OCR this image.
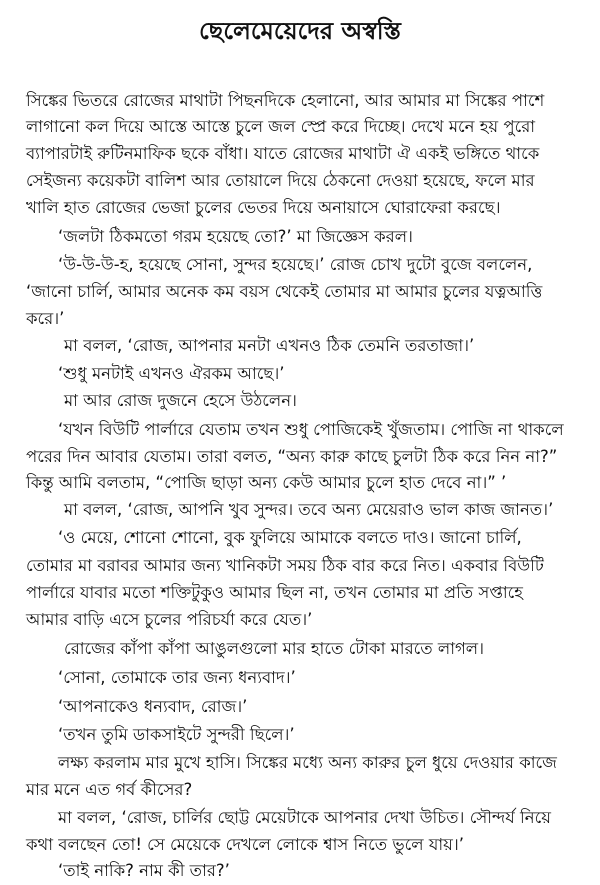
ছেলেমেয়েদের অস্বস্তি
সিঙ্কের ভিতরে রোজের মাথাটা পিছনদিকে হেলানো, আর আমার মা সিঙ্কের পাশে
লাগানো কল দিয়ে আস্তে আস্তে চুলে জল স্প্রে করে দিচ্ছে। দেখে মনে হয় পুরো
ব্যাপারটাই রুটিনমাফিক ছকে বাঁধা। যাতে রোজের মাথাটা ঐ একই ভঙ্গিতে থাকে
সেইজন্য কয়েকটা বালিশ আর তোয়ালে দিয়ে ঠেকনো দেওয়া হয়েছে, ফলে মার
খালি হাত রোজের ভেজা চুলের ভেতর দিয়ে অনায়াসে ঘোরাফেরা করছে।
‘জলটা ঠিকমতো গরম হয়েছে তো?’ মা জিজ্ঞেস করল।
‘উ-উ-উ-হ, হয়েছে সোনা, সুন্দর হয়েছে।’ রোজ চোখ দুটো বুজে বললেন,
‘জানো চার্লি, আমার অনেক কম বয়স থেকেই তোমার মা আমার চুলের যত্নআত্তি
করে।’
মা বলল, ‘রোজ, আপনার মনটা এখনও ঠিক তেমনি তরতাজা।’
‘শুধু মনটাই এখনও ঐরকম আছে।’
মা আর রোজ দুজনে হেসে উঠলেন।
‘যখন বিউটি পার্লারে যেতাম তখন শুধু পোজিকেই খুঁজতাম। পোজি না থাকলে
পরের দিন আবার যেতাম। তারা বলত, “অন্য কারু কাছে চুলটা ঠিক করে নিন না?”
কিন্তু আমি বলতাম, “পোজি ছাড়া অন্য কেউ আমার চুলে হাত দেবে না।” ’
মা বলল, ‘রোজ, আপনি খুব সুন্দর। তবে অন্য মেয়েরাও ভাল কাজ জানত।’
‘ও মেয়ে, শোনো শোনো, বুক ফুলিয়ে আমাকে বলতে দাও। জানো চার্লি,
তোমার মা বরাবর আমার জন্য খানিকটা সময় ঠিক বার করে নিত। একবার বিউটি
পার্লারে যাবার মতো শক্তিটুকুও আমার ছিল না, তখন তোমার মা প্রতি সপ্তাহে
আমার বাড়ি এসে চুলের পরিচর্যা করে যেত।’
রোজের কাঁপা কাঁপা আঙুলগুলো মার হাতে টোকা মারতে লাগল।
‘সোনা, তোমাকে তার জন্য ধন্যবাদ।’
‘আপনাকেও ধন্যবাদ, রোজ।’
‘তখন তুমি ডাকসাইটে সুন্দরী ছিলে।’
লক্ষ্য করলাম মার মুখে হাসি। সিঙ্কের মধ্যে অন্য কারুর চুল ধুয়ে দেওয়ার কাজে
মার মনে এত গর্ব কীসের?
মা বলল, ‘রোজ, চার্লির ছোট্ট মেয়েটাকে আপনার দেখা উচিত। সৌন্দর্য নিয়ে
কথা বলছেন তো! সে মেয়েকে দেখলে লোকে শ্বাস নিতে ভুলে যায়।’
‘তাই নাকি? নাম কী তার?’
